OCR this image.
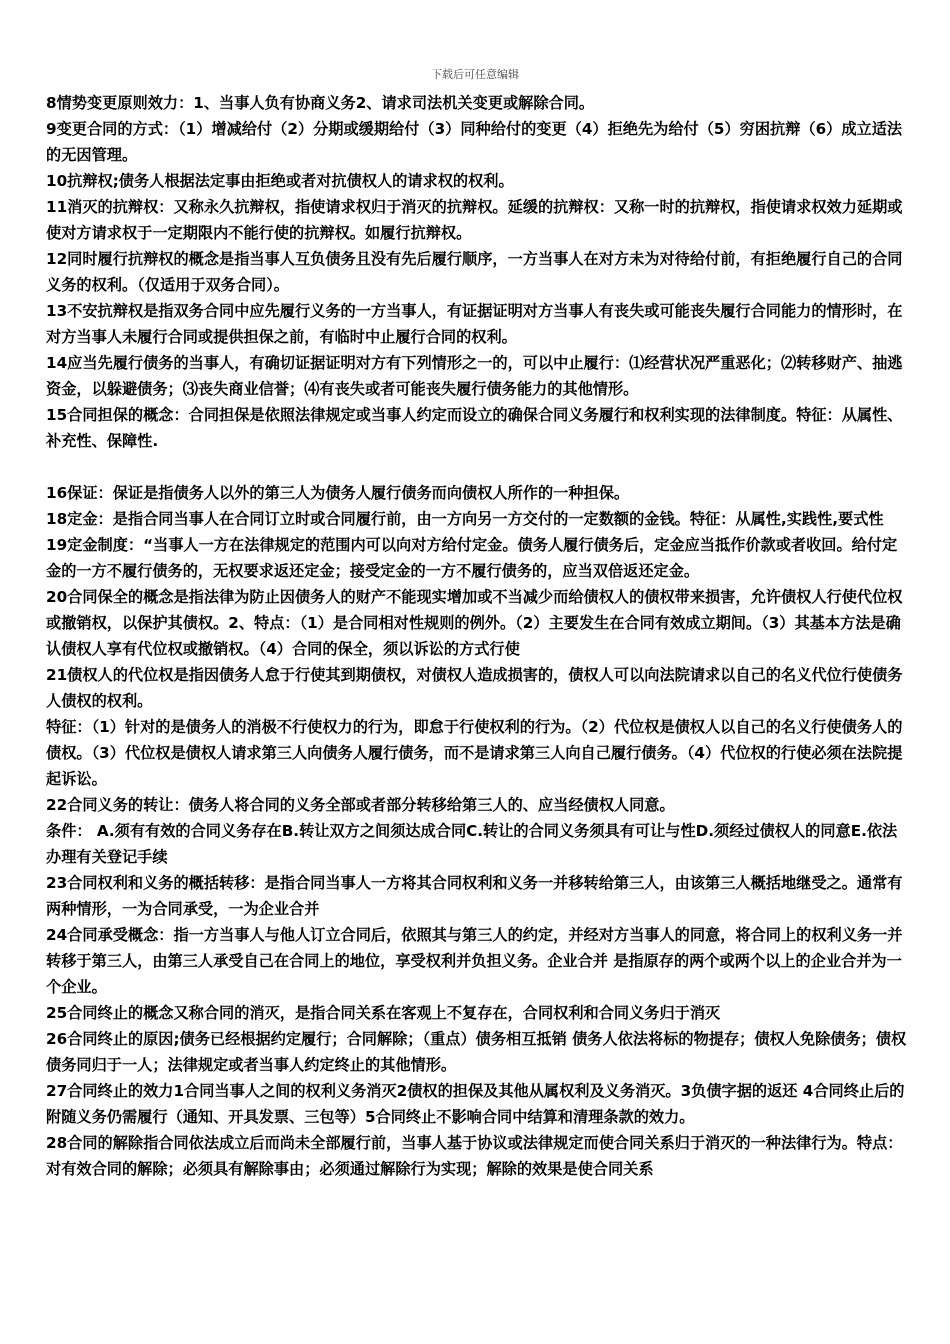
下载后可任意编辑

8情势变更原则效力：1、当事人负有协商义务2、请求司法机关变更或解除合同。

9变更合同的方式：（1）增减给付（2）分期或缓期给付（3）同种给付的变更（4）拒绝先为给付（5）穷困抗辩（6）成立适法的无因管理。

10抗辩权;债务人根据法定事由拒绝或者对抗债权人的请求权的权利。

11消灭的抗辩权：又称永久抗辩权，指使请求权归于消灭的抗辩权。延缓的抗辩权：又称一时的抗辩权，指使请求权效力延期或使对方请求权于一定期限内不能行使的抗辩权。如履行抗辩权。

12同时履行抗辩权的概念是指当事人互负债务且没有先后履行顺序，一方当事人在对方未为对待给付前，有拒绝履行自己的合同义务的权利。（仅适用于双务合同）。

13不安抗辩权是指双务合同中应先履行义务的一方当事人，有证据证明对方当事人有丧失或可能丧失履行合同能力的情形时，在对方当事人未履行合同或提供担保之前，有临时中止履行合同的权利。

14应当先履行债务的当事人，有确切证据证明对方有下列情形之一的，可以中止履行：⑴经营状况严重恶化；⑵转移财产、抽逃资金，以躲避债务；⑶丧失商业信誉；⑷有丧失或者可能丧失履行债务能力的其他情形。

15合同担保的概念：合同担保是依照法律规定或当事人约定而设立的确保合同义务履行和权利实现的法律制度。特征：从属性、补充性、保障性.

16保证：保证是指债务人以外的第三人为债务人履行债务而向债权人所作的一种担保。

18定金：是指合同当事人在合同订立时或合同履行前，由一方向另一方交付的一定数额的金钱。特征：从属性,实践性,要式性

19定金制度：“当事人一方在法律规定的范围内可以向对方给付定金。债务人履行债务后，定金应当抵作价款或者收回。给付定金的一方不履行债务的，无权要求返还定金；接受定金的一方不履行债务的，应当双倍返还定金。

20合同保全的概念是指法律为防止因债务人的财产不能现实增加或不当减少而给债权人的债权带来损害，允许债权人行使代位权或撤销权，以保护其债权。2、特点：（1）是合同相对性规则的例外。（2）主要发生在合同有效成立期间。（3）其基本方法是确认债权人享有代位权或撤销权。（4）合同的保全，须以诉讼的方式行使

21债权人的代位权是指因债务人怠于行使其到期债权，对债权人造成损害的，债权人可以向法院请求以自己的名义代位行使债务人债权的权利。

特征：（1）针对的是债务人的消极不行使权力的行为，即怠于行使权利的行为。（2）代位权是债权人以自己的名义行使债务人的债权。（3）代位权是债权人请求第三人向债务人履行债务，而不是请求第三人向自己履行债务。（4）代位权的行使必须在法院提起诉讼。

22合同义务的转让：债务人将合同的义务全部或者部分转移给第三人的、应当经债权人同意。

条件： A.须有有效的合同义务存在B.转让双方之间须达成合同C.转让的合同义务须具有可让与性D.须经过债权人的同意E.依法办理有关登记手续

23合同权利和义务的概括转移：是指合同当事人一方将其合同权利和义务一并移转给第三人，由该第三人概括地继受之。通常有两种情形，一为合同承受，一为企业合并

24合同承受概念：指一方当事人与他人订立合同后，依照其与第三人的约定，并经对方当事人的同意，将合同上的权利义务一并转移于第三人，由第三人承受自己在合同上的地位，享受权利并负担义务。企业合并 是指原存的两个或两个以上的企业合并为一个企业。

25合同终止的概念又称合同的消灭，是指合同关系在客观上不复存在，合同权利和合同义务归于消灭

26合同终止的原因;债务已经根据约定履行；合同解除；（重点）债务相互抵销 债务人依法将标的物提存；债权人免除债务；债权债务同归于一人；法律规定或者当事人约定终止的其他情形。

27合同终止的效力1合同当事人之间的权利义务消灭2债权的担保及其他从属权利及义务消灭。3负债字据的返还 4合同终止后的附随义务仍需履行（通知、开具发票、三包等）5合同终止不影响合同中结算和清理条款的效力。

28合同的解除指合同依法成立后而尚未全部履行前，当事人基于协议或法律规定而使合同关系归于消灭的一种法律行为。特点：对有效合同的解除；必须具有解除事由；必须通过解除行为实现；解除的效果是使合同关系
